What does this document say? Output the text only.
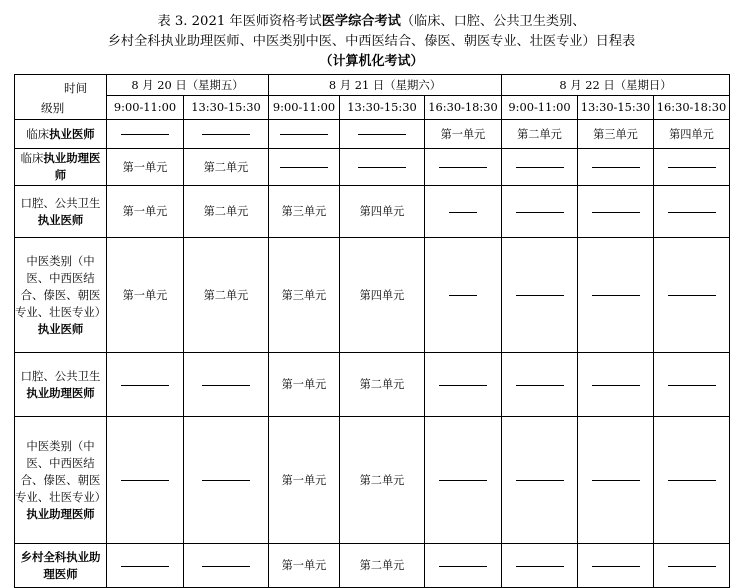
表 3. 2021 年医师资格考试医学综合考试（临床、口腔、公共卫生类别、
乡村全科执业助理医师、中医类别中医、中西医结合、傣医、朝医专业、壮医专业）日程表
（计算机化考试）
时间
级别	8 月 20 日（星期五）		8 月 21 日（星期六）			8 月 22 日（星期日）		
	9:00-11:00	13:30-15:30	9:00-11:00	13:30-15:30	16:30-18:30	9:00-11:00	13:30-15:30	16:30-18:30
临床执业医师					第一单元	第二单元	第三单元	第四单元
临床执业助理医师	第一单元	第二单元						
口腔、公共卫生执业医师	第一单元	第二单元	第三单元	第四单元				
中医类别（中医、中西医结合、傣医、朝医专业、壮医专业）执业医师	第一单元	第二单元	第三单元	第四单元				
口腔、公共卫生执业助理医师			第一单元	第二单元				
中医类别（中医、中西医结合、傣医、朝医专业、壮医专业）执业助理医师			第一单元	第二单元				
乡村全科执业助理医师			第一单元	第二单元				
